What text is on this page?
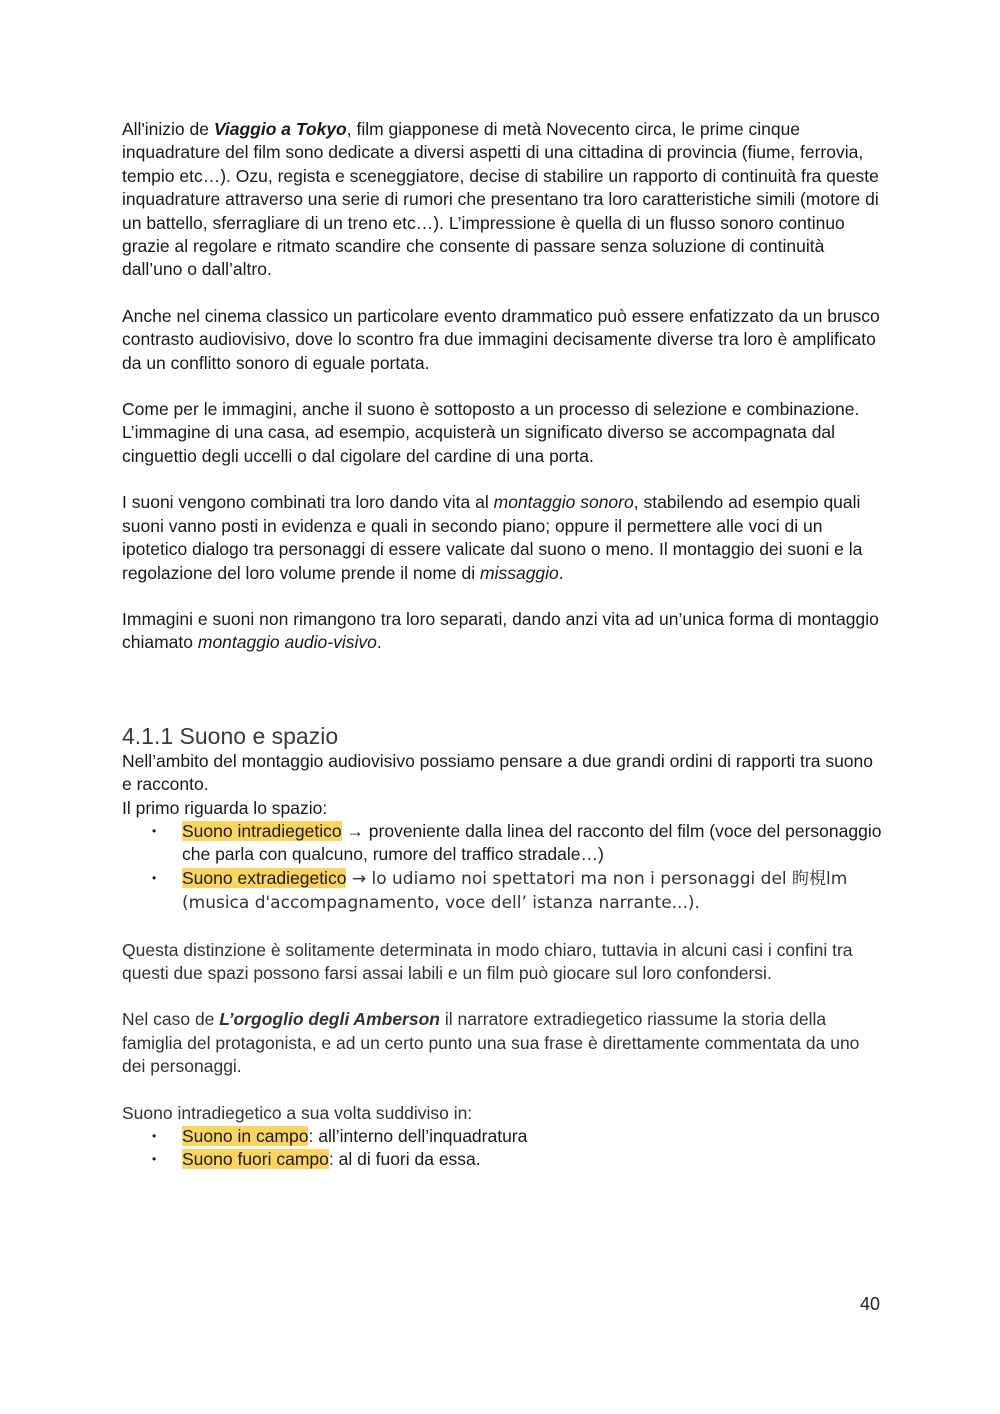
All'inizio de Viaggio a Tokyo, film giapponese di metà Novecento circa, le prime cinque inquadrature del film sono dedicate a diversi aspetti di una cittadina di provincia (fiume, ferrovia, tempio etc…). Ozu, regista e sceneggiatore, decise di stabilire un rapporto di continuità fra queste inquadrature attraverso una serie di rumori che presentano tra loro caratteristiche simili (motore di un battello, sferragliare di un treno etc…). L’impressione è quella di un flusso sonoro continuo grazie al regolare e ritmato scandire che consente di passare senza soluzione di continuità dall’uno o dall’altro.

Anche nel cinema classico un particolare evento drammatico può essere enfatizzato da un brusco contrasto audiovisivo, dove lo scontro fra due immagini decisamente diverse tra loro è amplificato da un conflitto sonoro di eguale portata.

Come per le immagini, anche il suono è sottoposto a un processo di selezione e combinazione. L’immagine di una casa, ad esempio, acquisterà un significato diverso se accompagnata dal cinguettio degli uccelli o dal cigolare del cardine di una porta.

I suoni vengono combinati tra loro dando vita al montaggio sonoro, stabilendo ad esempio quali suoni vanno posti in evidenza e quali in secondo piano; oppure il permettere alle voci di un ipotetico dialogo tra personaggi di essere valicate dal suono o meno. Il montaggio dei suoni e la regolazione del loro volume prende il nome di missaggio.

Immagini e suoni non rimangono tra loro separati, dando anzi vita ad un’unica forma di montaggio chiamato montaggio audio-visivo.

4.1.1 Suono e spazio

Nell’ambito del montaggio audiovisivo possiamo pensare a due grandi ordini di rapporti tra suono e racconto.

Il primo riguarda lo spazio:

• Suono intradiegetico → proveniente dalla linea del racconto del film (voce del personaggio che parla con qualcuno, rumore del traffico stradale…)
• Suono extradiegetico → lo udiamo noi spettatori ma non i personaggi del 眗梘lm (musica d'accompagnamento, voce dell’ istanza narrante...).

Questa distinzione è solitamente determinata in modo chiaro, tuttavia in alcuni casi i confini tra questi due spazi possono farsi assai labili e un film può giocare sul loro confondersi.

Nel caso de L’orgoglio degli Amberson il narratore extradiegetico riassume la storia della famiglia del protagonista, e ad un certo punto una sua frase è direttamente commentata da uno dei personaggi.

Suono intradiegetico a sua volta suddiviso in:

• Suono in campo: all’interno dell’inquadratura
• Suono fuori campo: al di fuori da essa.
40
